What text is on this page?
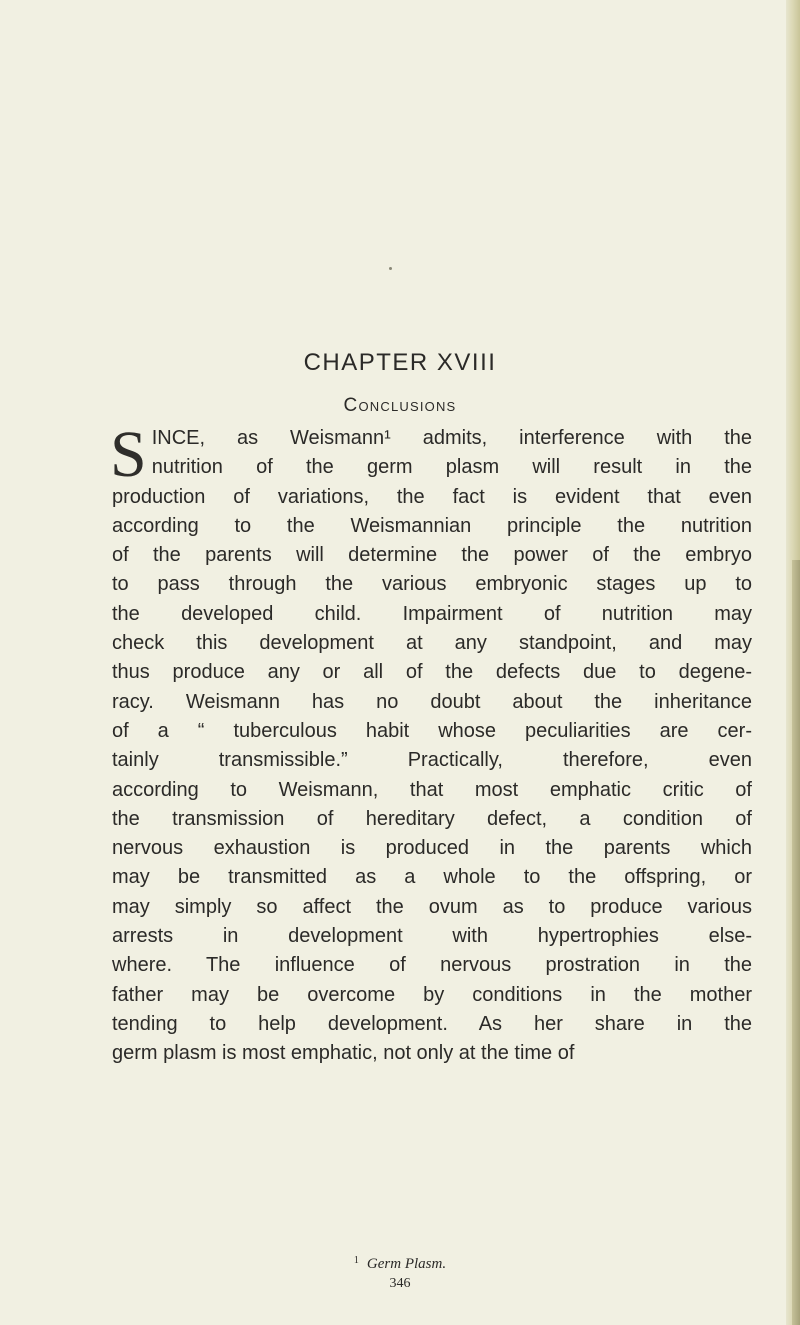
CHAPTER XVIII
Conclusions
S INCE, as Weismann¹ admits, interference with the
nutrition of the germ plasm will result in the
production of variations, the fact is evident that even
according to the Weismannian principle the nutrition
of the parents will determine the power of the embryo
to pass through the various embryonic stages up to
the developed child. Impairment of nutrition may
check this development at any standpoint, and may
thus produce any or all of the defects due to degene-
racy. Weismann has no doubt about the inheritance
of a “ tuberculous habit whose peculiarities are cer-
tainly transmissible.” Practically, therefore, even
according to Weismann, that most emphatic critic of
the transmission of hereditary defect, a condition of
nervous exhaustion is produced in the parents which
may be transmitted as a whole to the offspring, or
may simply so affect the ovum as to produce various
arrests in development with hypertrophies else-
where. The influence of nervous prostration in the
father may be overcome by conditions in the mother
tending to help development. As her share in the
germ plasm is most emphatic, not only at the time of

$^1$ Germ Plasm.

346
